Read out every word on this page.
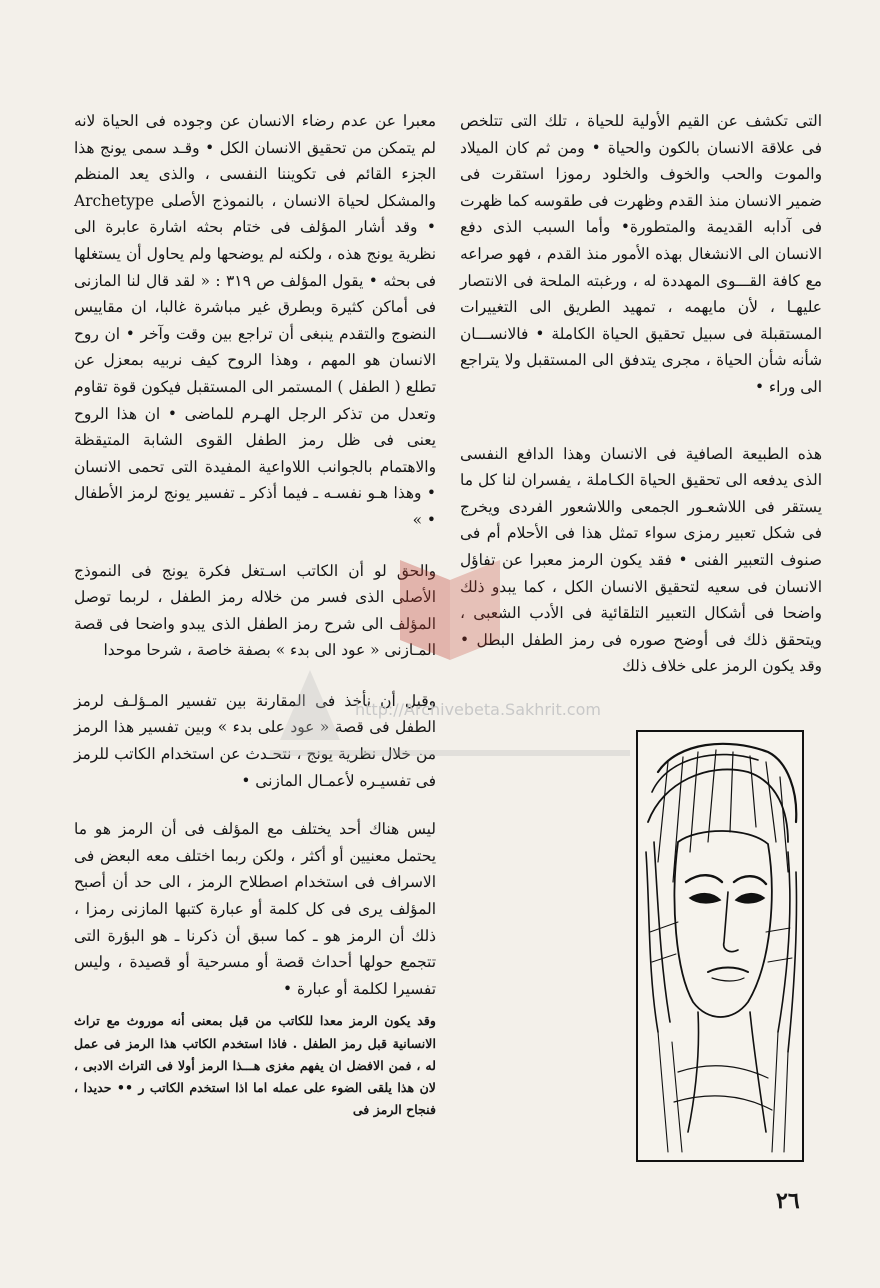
التى تكشف عن القيم الأولية للحياة ، تلك التى تتلخص فى علاقة الانسان بالكون والحياة • ومن ثم كان الميلاد والموت والحب والخوف والخلود رموزا استقرت فى ضمير الانسان منذ القدم وظهرت فى طقوسه كما ظهرت فى آدابه القديمة والمتطورة• وأما السبب الذى دفع الانسان الى الانشغال بهذه الأمور منذ القدم ، فهو صراعه مع كافة القـــوى المهددة له ، ورغبته الملحة فى الانتصار عليهـا ، لأن مايهمه ، تمهيد الطريق الى التغييرات المستقبلة فى سبيل تحقيق الحياة الكاملة • فالانســـان شأنه شأن الحياة ، مجرى يتدفق الى المستقبل ولا يتراجع الى وراء •

هذه الطبيعة الصافية فى الانسان وهذا الدافع النفسى الذى يدفعه الى تحقيق الحياة الكـاملة ، يفسران لنا كل ما يستقر فى اللاشعـور الجمعى واللاشعور الفردى ويخرج فى شكل تعبير رمزى سواء تمثل هذا فى الأحلام أم فى صنوف التعبير الفنى • فقد يكون الرمز معبرا عن تفاؤل الانسان فى سعيه لتحقيق الانسان الكل ، كما يبدو ذلك واضحا فى أشكال التعبير التلقائية فى الأدب الشعبى ، ويتحقق ذلك فى أوضح صوره فى رمز الطفل البطل • وقد يكون الرمز على خلاف ذلك

معبرا عن عدم رضاء الانسان عن وجوده فى الحياة لانه لم يتمكن من تحقيق الانسان الكل • وقـد سمى يونج هذا الجزء القائم فى تكويننا النفسى ، والذى يعد المنظم والمشكل لحياة الانسان ، بالنموذج الأصلى Archetype • وقد أشار المؤلف فى ختام بحثه اشارة عابرة الى نظرية يونج هذه ، ولكنه لم يوضحها ولم يحاول أن يستغلها فى بحثه • يقول المؤلف ص ٣١٩ : « لقد قال لنا المازنى فى أماكن كثيرة وبطرق غير مباشرة غالبا، ان مقاييس النضوج والتقدم ينبغى أن تراجع بين وقت وآخر • ان روح الانسان هو المهم ، وهذا الروح كيف نربيه بمعزل عن تطلع ( الطفل ) المستمر الى المستقبل فيكون قوة تقاوم وتعدل من تذكر الرجل الهـرم للماضى • ان هذا الروح يعنى فى ظل رمز الطفل القوى الشابة المتيقظة والاهتمام بالجوانب اللاواعية المفيدة التى تحمى الانسان • وهذا هـو نفسـه ـ فيما أذكر ـ تفسير يونج لرمز الأطفال • »

والحق لو أن الكاتب اسـتغل فكرة يونج فى النموذج الأصلى الذى فسر من خلاله رمز الطفل ، لربما توصل المؤلف الى شرح رمز الطفل الذى يبدو واضحا فى قصة المـازنى « عود الى بدء » بصفة خاصة ، شرحا موحدا

وقبل أن نأخذ فى المقارنة بين تفسير المـؤلـف لرمز الطفل فى قصة « عود على بدء » وبين تفسير هذا الرمز من خلال نظرية يونج ، نتحـدث عن استخدام الكاتب للرمز فى تفسيـره لأعمـال المازنى •

ليس هناك أحد يختلف مع المؤلف فى أن الرمز هو ما يحتمل معنيين أو أكثر ، ولكن ربما اختلف معه البعض فى الاسراف فى استخدام اصطلاح الرمز ، الى حد أن أصبح المؤلف يرى فى كل كلمة أو عبارة كتبها المازنى رمزا ، ذلك أن الرمز هو ـ كما سبق أن ذكرنا ـ هو البؤرة التى تتجمع حولها أحداث قصة أو مسرحية أو قصيدة ، وليس تفسيرا لكلمة أو عبارة •

وقد يكون الرمز معدا للكاتب من قبل بمعنى أنه موروث مع تراث الانسانية قبل رمز الطفل . فاذا استخدم الكاتب هذا الرمز فى عمل له ، فمن الافضل ان يفهم مغزى هـــذا الرمز أولا فى التراث الادبى ، لان هذا يلقى الضوء على عمله اما اذا استخدم الكاتب ر •• حديدا ، فنجاح الرمز فى

http://Archivebeta.Sakhrit.com
٢٦
